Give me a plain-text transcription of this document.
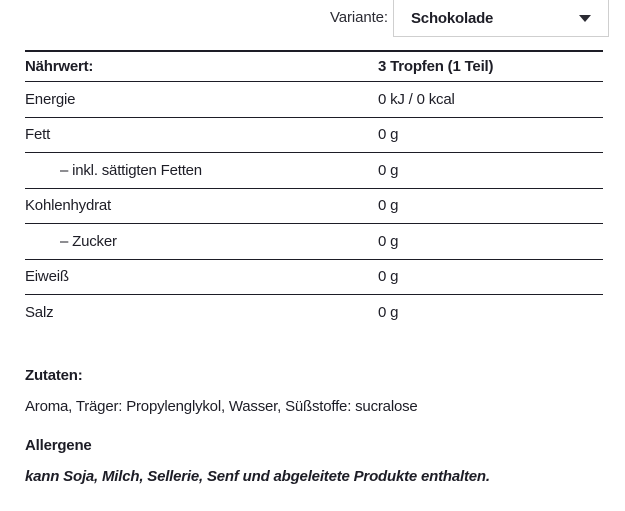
Variante: Schokolade
Nährwert:	3 Tropfen (1 Teil)
Energie	0 kJ / 0 kcal
Fett	0 g
– inkl. sättigten Fetten	0 g
Kohlenhydrat	0 g
– Zucker	0 g
Eiweiß	0 g
Salz	0 g
Zutaten:
Aroma, Träger: Propylenglykol, Wasser, Süßstoffe: sucralose
Allergene
kann Soja, Milch, Sellerie, Senf und abgeleitete Produkte enthalten.
